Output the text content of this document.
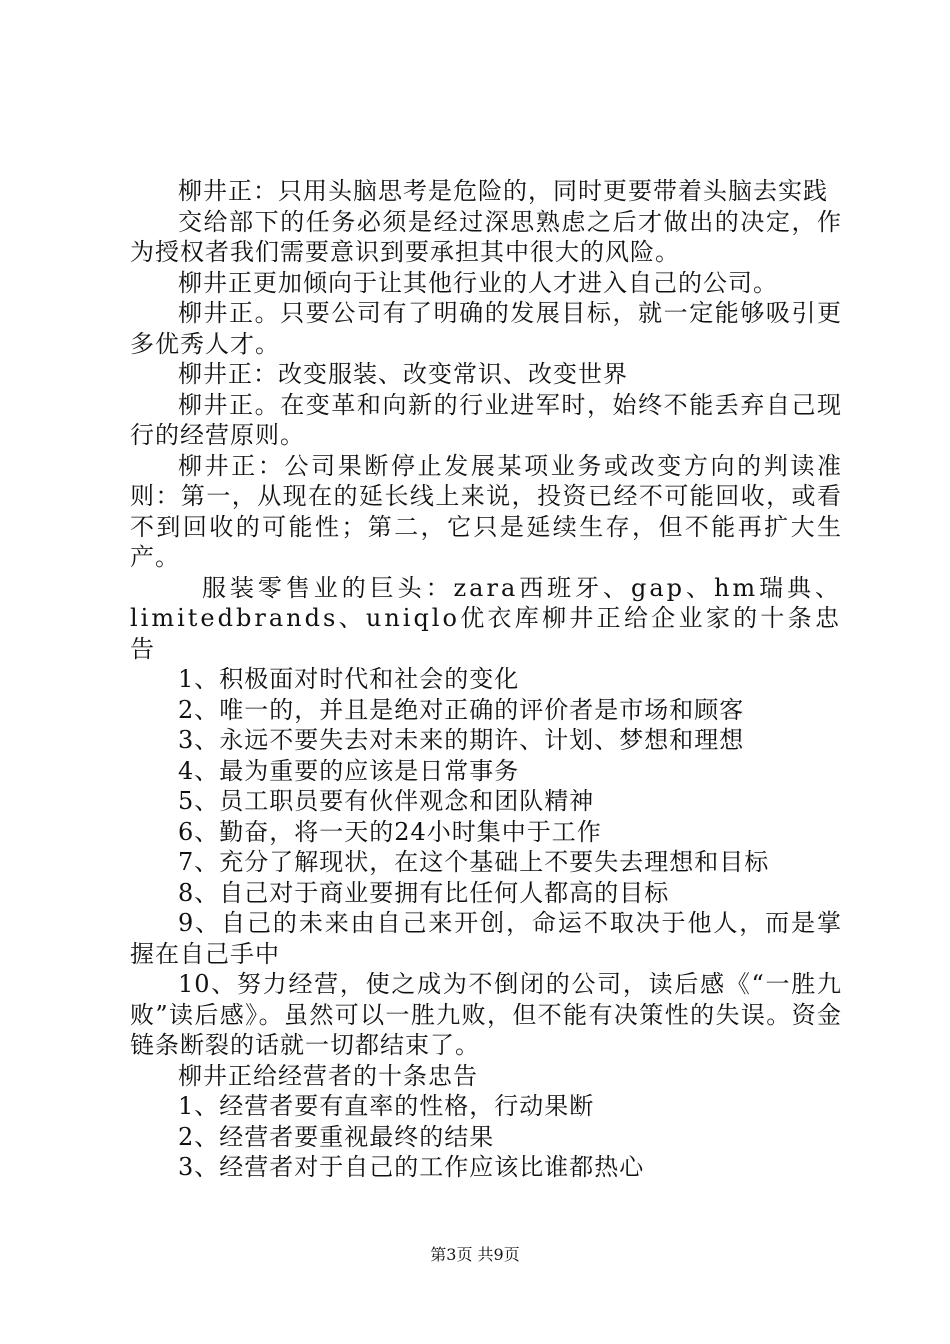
柳井正：只用头脑思考是危险的，同时更要带着头脑去实践

交给部下的任务必须是经过深思熟虑之后才做出的决定，作为授权者我们需要意识到要承担其中很大的风险。

柳井正更加倾向于让其他行业的人才进入自己的公司。

柳井正。只要公司有了明确的发展目标，就一定能够吸引更多优秀人才。

柳井正：改变服装、改变常识、改变世界

柳井正。在变革和向新的行业进军时，始终不能丢弃自己现行的经营原则。

柳井正：公司果断停止发展某项业务或改变方向的判读准则：第一，从现在的延长线上来说，投资已经不可能回收，或看不到回收的可能性；第二，它只是延续生存，但不能再扩大生产。

服装零售业的巨头：zara西班牙、gap、hm瑞典、limitedbrands、uniqlo优衣库柳井正给企业家的十条忠告

1、积极面对时代和社会的变化

2、唯一的，并且是绝对正确的评价者是市场和顾客

3、永远不要失去对未来的期许、计划、梦想和理想

4、最为重要的应该是日常事务

5、员工职员要有伙伴观念和团队精神

6、勤奋，将一天的24小时集中于工作

7、充分了解现状，在这个基础上不要失去理想和目标

8、自己对于商业要拥有比任何人都高的目标

9、自己的未来由自己来开创，命运不取决于他人，而是掌握在自己手中

10、努力经营，使之成为不倒闭的公司，读后感《“一胜九败”读后感》。虽然可以一胜九败，但不能有决策性的失误。资金链条断裂的话就一切都结束了。

柳井正给经营者的十条忠告

1、经营者要有直率的性格，行动果断

2、经营者要重视最终的结果

3、经营者对于自己的工作应该比谁都热心

第3页 共9页
